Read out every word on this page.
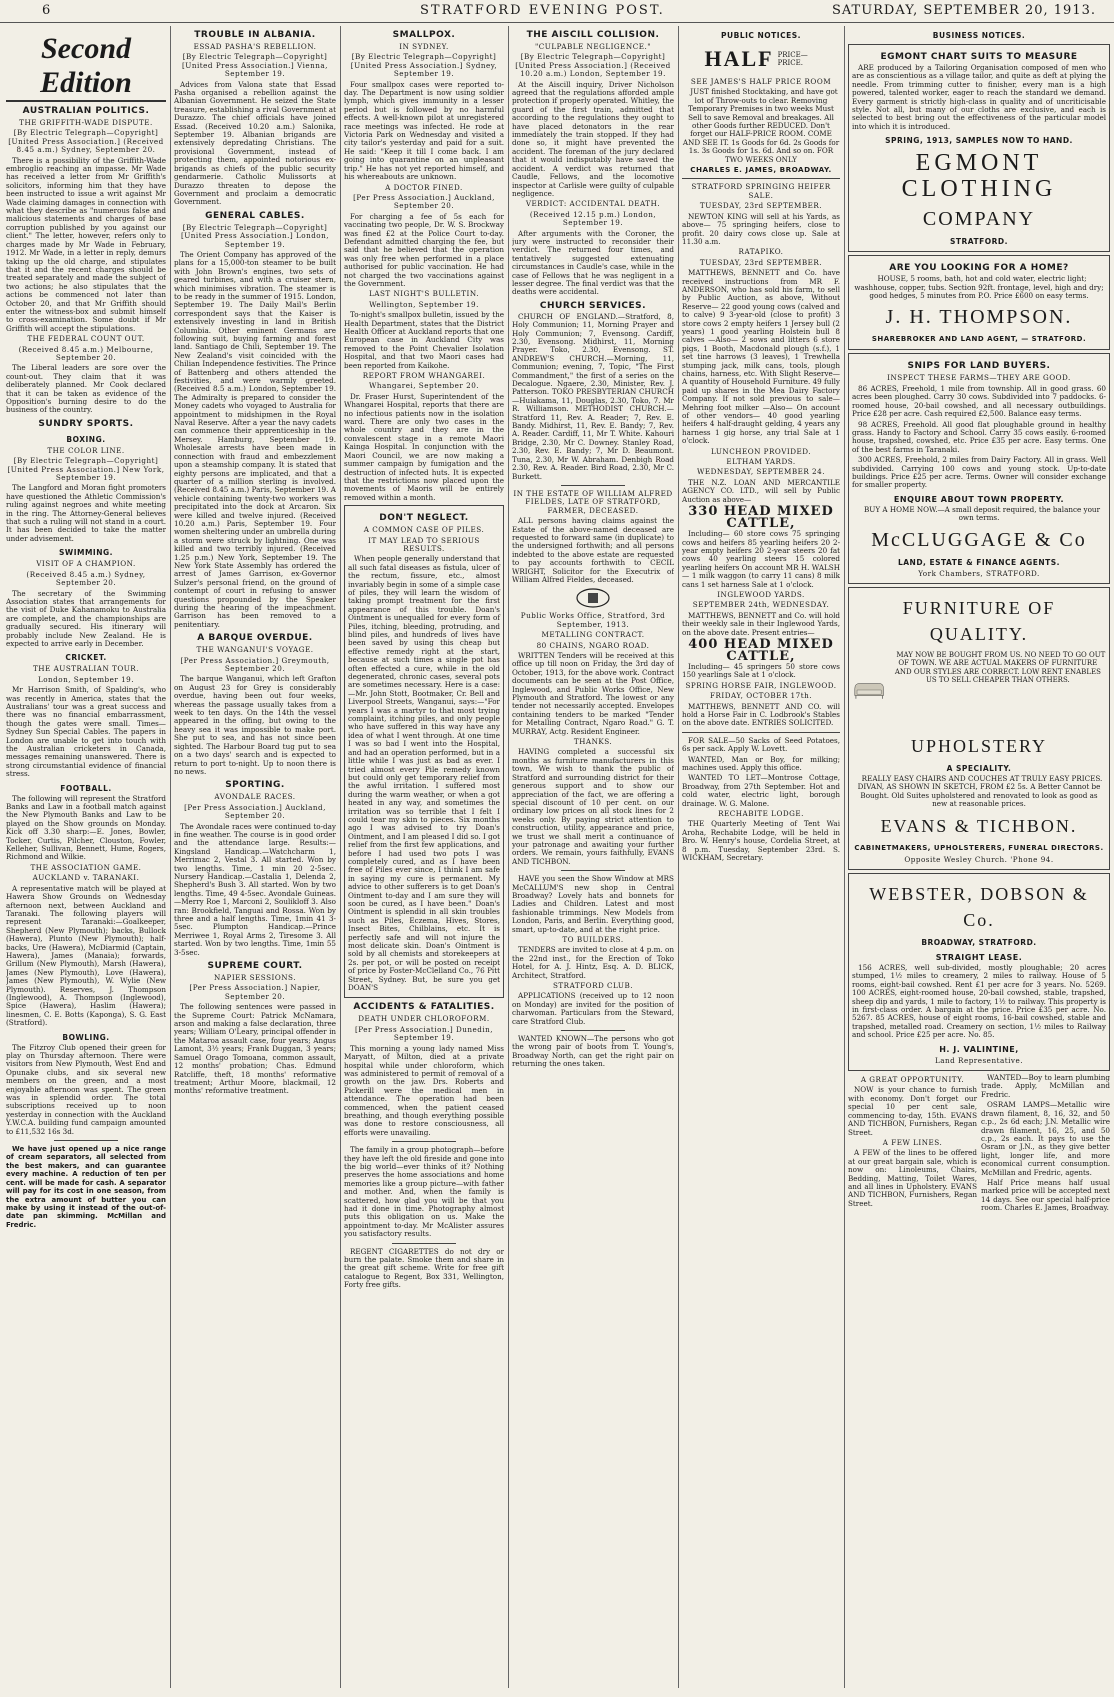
6	STRATFORD EVENING POST.	SATURDAY, SEPTEMBER 20, 1913.
Second Edition
AUSTRALIAN POLITICS.
THE GRIFFITH-WADE DISPUTE.
[By Electric Telegraph—Copyright] [United Press Association.] (Received 8.45 a.m.) Sydney, September 20.

There is a possibility of the Griffith-Wade embroglio reaching an impasse. Mr Wade has received a letter from Mr Griffith's solicitors, informing him that they have been instructed to issue a writ against Mr Wade claiming damages in connection with what they describe as "numerous false and malicious statements and charges of base corruption published by you against our client." The letter, however, refers only to charges made by Mr Wade in February, 1912. Mr Wade, in a letter in reply, demurs taking up the old charge, and stipulates that it and the recent charges should be treated separately and made the subject of two actions; he also stipulates that the actions be commenced not later than October 20, and that Mr Griffith should enter the witness-box and submit himself to cross-examination. Some doubt if Mr Griffith will accept the stipulations.

THE FEDERAL COUNT OUT.
(Received 8.45 a.m.) Melbourne, September 20.

The Liberal leaders are sore over the count-out. They claim that it was deliberately planned. Mr Cook declared that it can be taken as evidence of the Opposition's burning desire to do the business of the country.

SUNDRY SPORTS.
BOXING.
THE COLOR LINE.
[By Electric Telegraph—Copyright] [United Press Association.] New York, September 19.

The Langford and Moran fight promoters have questioned the Athletic Commission's ruling against negroes and white meeting in the ring. The Attorney-General believes that such a ruling will not stand in a court. It has been decided to take the matter under advisement.

SWIMMING.
VISIT OF A CHAMPION.
(Received 8.45 a.m.) Sydney, September 20.

The secretary of the Swimming Association states that arrangements for the visit of Duke Kahanamoku to Australia are complete, and the championships are gradually secured. His itinerary will probably include New Zealand. He is expected to arrive early in December.

CRICKET.
THE AUSTRALIAN TOUR.
London, September 19.

Mr Harrison Smith, of Spalding's, who was recently in America, states that the Australians' tour was a great success and there was no financial embarrassment, though the gates were small. Times—Sydney Sun Special Cables. The papers in London are unable to get into touch with the Australian cricketers in Canada, messages remaining unanswered. There is strong circumstantial evidence of financial stress.

FOOTBALL.

The following will represent the Stratford Banks and Law in a football match against the New Plymouth Banks and Law to be played on the Show grounds on Monday. Kick off 3.30 sharp:—E. Jones, Bowler, Tocker, Curtis, Pilcher, Clouston, Fowler, Kelleher, Sullivan, Bennett, Hume, Rogers, Richmond and Wilkie.

THE ASSOCIATION GAME.
AUCKLAND v. TARANAKI.

A representative match will be played at Hawera Show Grounds on Wednesday afternoon next, between Auckland and Taranaki. The following players will represent Taranaki:—Goalkeeper, Shepherd (New Plymouth); backs, Bullock (Hawera), Plunto (New Plymouth); half-backs, Ure (Hawera), McDiarmid (Captain, Hawera), James (Manaia); forwards, Grillum (New Plymouth), Marsh (Hawera), James (New Plymouth), Love (Hawera), James (New Plymouth), W. Wylie (New Plymouth). Reserves, J. Thompson (Inglewood), A. Thompson (Inglewood), Spice (Hawera), Haslim (Hawera); linesmen, C. E. Botts (Kaponga), S. G. East (Stratford).

BOWLING.

The Fitzroy Club opened their green for play on Thursday afternoon. There were visitors from New Plymouth, West End and Opunake clubs, and six several new members on the green, and a most enjoyable afternoon was spent. The green was in splendid order. The total subscriptions received up to noon yesterday in connection with the Auckland Y.W.C.A. building fund campaign amounted to £11,532 16s 3d.

We have just opened up a nice range of cream separators, all selected from the best makers, and can guarantee every machine. A reduction of ten per cent. will be made for cash. A separator will pay for its cost in one season, from the extra amount of butter you can make by using it instead of the out-of-date pan skimming. McMillan and Fredric.

TROUBLE IN ALBANIA.
ESSAD PASHA'S REBELLION.
[By Electric Telegraph—Copyright] [United Press Association.] Vienna, September 19.

Advices from Valona state that Essad Pasha organised a rebellion against the Albanian Government. He seized the State treasure, establishing a rival Government at Durazzo. The chief officials have joined Essad. (Received 10.20 a.m.) Salonika, September 19. Albanian brigands are extensively depredating Christians. The provisional Government, instead of protecting them, appointed notorious ex-brigands as chiefs of the public security gendarmerie. Catholic Mulissorts at Durazzo threaten to depose the Government and proclaim a democratic Government.

GENERAL CABLES.
[By Electric Telegraph—Copyright] [United Press Association.] London, September 19.

The Orient Company has approved of the plans for a 15,000-ton steamer to be built with John Brown's engines, two sets of geared turbines, and with a cruiser stern, which minimises vibration. The steamer is to be ready in the summer of 1915. London, September 19. The Daily Mail's Berlin correspondent says that the Kaiser is extensively investing in land in British Columbia. Other eminent Germans are following suit, buying farming and forest land. Santiago de Chili, September 19. The New Zealand's visit coincided with the Chilian Independence festivities. The Prince of Battenberg and others attended the festivities, and were warmly greeted. (Received 8.5 a.m.) London, September 19. The Admiralty is prepared to consider the Money cadets who voyaged to Australia for appointment to midshipmen in the Royal Naval Reserve. After a year the navy cadets can commence their apprenticeship in the Mersey. Hamburg, September 19. Wholesale arrests have been made in connection with fraud and embezzlement upon a steamship company. It is stated that eighty persons are implicated, and that a quarter of a million sterling is involved. (Received 8.45 a.m.) Paris, September 19. A vehicle containing twenty-two workers was precipitated into the dock at Arcaron. Six were killed and twelve injured. (Received 10.20 a.m.) Paris, September 19. Four women sheltering under an umbrella during a storm were struck by lightning. One was killed and two terribly injured. (Received 1.25 p.m.) New York, September 19. The New York State Assembly has ordered the arrest of James Garrison, ex-Governor Sulzer's personal friend, on the ground of contempt of court in refusing to answer questions propounded by the Speaker during the hearing of the impeachment. Garrison has been removed to a penitentiary.

A BARQUE OVERDUE.
THE WANGANUI'S VOYAGE.
[Per Press Association.] Greymouth, September 20.

The barque Wanganui, which left Grafton on August 23 for Grey is considerably overdue, having been out four weeks, whereas the passage usually takes from a week to ten days. On the 14th the vessel appeared in the offing, but owing to the heavy sea it was impossible to make port. She put to sea, and has not since been sighted. The Harbour Board tug put to sea on a two days' search and is expected to return to port to-night. Up to noon there is no news.

SPORTING.
AVONDALE RACES.
[Per Press Association.] Auckland, September 20.

The Avondale races were continued to-day in fine weather. The course is in good order and the attendance large. Results:— Kingsland Handicap.—Watchcharm 1, Merrimac 2, Vestal 3. All started. Won by two lengths. Time, 1 min 20 2-5sec. Nursery Handicap.—Castalia 1, Delenda 2, Shepherd's Bush 3. All started. Won by two lengths. Time, 49 4-5sec. Avondale Guineas.—Merry Roe 1, Marconi 2, Soulikloff 3. Also ran: Brookfield, Tanguai and Rossa. Won by three and a half lengths. Time, 1min 41 3-5sec. Plumpton Handicap.—Prince Merriwee 1, Royal Arms 2, Tiresome 3. All started. Won by two lengths. Time, 1min 55 3-5sec.

SUPREME COURT.
NAPIER SESSIONS.
[Per Press Association.] Napier, September 20.

The following sentences were passed in the Supreme Court: Patrick McNamara, arson and making a false declaration, three years; William O'Leary, principal offender in the Mataroa assault case, four years; Angus Lamont, 3½ years; Frank Duggan, 3 years; Samuel Orago Tomoana, common assault, 12 months' probation; Chas. Edmund Ratcliffe, theft, 18 months' reformative treatment; Arthur Moore, blackmail, 12 months' reformative treatment.

SMALLPOX.
IN SYDNEY.
[By Electric Telegraph—Copyright] [United Press Association.] Sydney, September 19.

Four smallpox cases were reported to-day. The Department is now using soldier lymph, which gives immunity in a lesser period but is followed by no harmful effects. A well-known pilot at unregistered race meetings was infected. He rode at Victoria Park on Wednesday and visited a city tailor's yesterday and paid for a suit. He said: "Keep it till I come back. I am going into quarantine on an unpleasant trip." He has not yet reported himself, and his whereabouts are unknown.

A DOCTOR FINED.
[Per Press Association.] Auckland, September 20.

For charging a fee of 5s each for vaccinating two people, Dr. W. S. Brockway was fined £2 at the Police Court to-day. Defendant admitted charging the fee, but said that he believed that the operation was only free when performed in a place authorised for public vaccination. He had not charged the two vaccinations against the Government.

LAST NIGHT'S BULLETIN.
Wellington, September 19.

To-night's smallpox bulletin, issued by the Health Department, states that the District Health Officer at Auckland reports that one European case in Auckland City was removed to the Point Chevalier Isolation Hospital, and that two Maori cases had been reported from Kaikohe.

REPORT FROM WHANGAREI.
Whangarei, September 20.

Dr. Fraser Hurst, Superintendent of the Whangarei Hospital, reports that there are no infectious patients now in the isolation ward. There are only two cases in the whole country and they are in the convalescent stage in a remote Maori Kainga Hospital. In conjunction with the Maori Council, we are now making a summer campaign by fumigation and the destruction of infected huts. It is expected that the restrictions now placed upon the movements of Maoris will be entirely removed within a month.

DON'T NEGLECT.
A COMMON CASE OF PILES.
IT MAY LEAD TO SERIOUS RESULTS.

When people generally understand that all such fatal diseases as fistula, ulcer of the rectum, fissure, etc., almost invariably begin in some of a simple case of piles, they will learn the wisdom of taking prompt treatment for the first appearance of this trouble. Doan's Ointment is unequalled for every form of Piles, itching, bleeding, protruding, and blind piles, and hundreds of lives have been saved by using this cheap but effective remedy right at the start, because at such times a single pot has often effected a cure, while in the old degenerated, chronic cases, several pots are sometimes necessary. Here is a case:—Mr. John Stott, Bootmaker, Cr. Bell and Liverpool Streets, Wanganui, says:—"For years I was a martyr to that most trying complaint, itching piles, and only people who have suffered in this way have any idea of what I went through. At one time I was so bad I went into the Hospital, and had an operation performed, but in a little while I was just as bad as ever. I tried almost every Pile remedy known but could only get temporary relief from the awful irritation. I suffered most during the warm weather, or when a got heated in any way, and sometimes the irritation was so terrible that I felt I could tear my skin to pieces. Six months ago I was advised to try Doan's Ointment, and I am pleased I did so. I got relief from the first few applications, and before I had used two pots I was completely cured, and as I have been free of Piles ever since, I think I am safe in saying my cure is permanent. My advice to other sufferers is to get Doan's Ointment to-day and I am sure they will soon be cured, as I have been." Doan's Ointment is splendid in all skin troubles such as Piles, Eczema, Hives, Stores, Insect Bites, Chilblains, etc. It is perfectly safe and will not injure the most delicate skin. Doan's Ointment is sold by all chemists and storekeepers at 2s. per pot, or will be posted on receipt of price by Foster-McClelland Co., 76 Pitt Street, Sydney. But, be sure you get DOAN'S

ACCIDENTS & FATALITIES.
DEATH UNDER CHLOROFORM.
[Per Press Association.] Dunedin, September 19.

This morning a young lady named Miss Maryatt, of Milton, died at a private hospital while under chloroform, which was administered to permit of removal of a growth on the jaw. Drs. Roberts and Pickerill were the medical men in attendance. The operation had been commenced, when the patient ceased breathing, and though everything possible was done to restore consciousness, all efforts were unavailing.

The family in a group photograph—before they have left the old fireside and gone into the big world—ever thinks of it? Nothing preserves the home associations and home memories like a group picture—with father and mother. And, when the family is scattered, how glad you will be that you had it done in time. Photography almost puts this obligation on us. Make the appointment to-day. Mr McAlister assures you satisfactory results.

REGENT CIGARETTES do not dry or burn the palate. Smoke them and share in the great gift scheme. Write for free gift catalogue to Regent, Box 331, Wellington, Forty free gifts.

THE AISCILL COLLISION.
"CULPABLE NEGLIGENCE."
[By Electric Telegraph—Copyright] [United Press Association.] (Received 10.20 a.m.) London, September 19.

At the Aiscill inquiry, Driver Nicholson agreed that the regulations afforded ample protection if properly operated. Whitley, the guard of the first train, admitted that according to the regulations they ought to have placed detonators in the rear immediately the train stopped. If they had done so, it might have prevented the accident. The foreman of the jury declared that it would indisputably have saved the accident. A verdict was returned that Caudle, Fellows, and the locomotive inspector at Carlisle were guilty of culpable negligence.

VERDICT: ACCIDENTAL DEATH.
(Received 12.15 p.m.) London, September 19.

After arguments with the Coroner, the jury were instructed to reconsider their verdict. The returned four times, and tentatively suggested extenuating circumstances in Caudle's case, while in the case of Fellows that he was negligent in a lesser degree. The final verdict was that the deaths were accidental.

CHURCH SERVICES.

CHURCH OF ENGLAND.—Stratford, 8, Holy Communion; 11, Morning Prayer and Holy Communion; 7, Evensong. Cardiff, 2.30, Evensong. Midhirst, 11, Morning Prayer. Toko, 2.30, Evensong. ST. ANDREW'S CHURCH.—Morning, 11, Communion; evening, 7, Topic, "The First Commandment," the first of a series on the Decalogue. Ngaere, 2.30, Minister, Rev. J. Patterson. TOKO PRESBYTERIAN CHURCH —Huiakama, 11, Douglas, 2.30, Toko, 7. Mr R. Williamson. METHODIST CHURCH.—Stratford 11, Rev. A. Reader; 7, Rev. E. Bandy. Midhirst, 11, Rev. E. Bandy; 7, Rev. A. Reader. Cardiff, 11, Mr T. White. Kahouri Bridge, 2.30, Mr C. Downey. Stanley Road, 2.30, Rev. E. Bandy; 7, Mr D. Beaumont. Tuna, 2.30, Mr W. Abraham. Denbigh Road 2.30, Rev. A. Reader. Bird Road, 2.30, Mr C. Burkett.

IN THE ESTATE OF WILLIAM ALFRED FIELDES, LATE OF STRATFORD, FARMER, DECEASED.

ALL persons having claims against the Estate of the above-named deceased are requested to forward same (in duplicate) to the undersigned forthwith; and all persons indebted to the above estate are requested to pay accounts forthwith to CECIL WRIGHT, Solicitor for the Executrix of William Alfred Fieldes, deceased.

Public Works Office, Stratford, 3rd September, 1913.
METALLING CONTRACT.
80 CHAINS, NGARO ROAD.

WRITTEN Tenders will be received at this office up till noon on Friday, the 3rd day of October, 1913, for the above work. Contract documents can be seen at the Post Office, Inglewood, and Public Works Office, New Plymouth and Stratford. The lowest or any tender not necessarily accepted. Envelopes containing tenders to be marked "Tender for Metalling Contract, Ngaro Road." G. T. MURRAY, Actg. Resident Engineer.

THANKS.

HAVING completed a successful six months as furniture manufacturers in this town, We wish to thank the public of Stratford and surrounding district for their generous support and to show our appreciation of the fact, we are offering a special discount of 10 per cent. on our ordinary low prices on all stock lines for 2 weeks only. By paying strict attention to construction, utility, appearance and price, we trust we shall merit a continuance of your patronage and awaiting your further orders. We remain, yours faithfully, EVANS AND TICHBON.

HAVE you seen the Show Window at MRS McCALLUM'S new shop in Central Broadway? Lovely hats and bonnets for Ladies and Children. Latest and most fashionable trimmings. New Models from London, Paris, and Berlin. Everything good, smart, up-to-date, and at the right price.

TO BUILDERS.

TENDERS are invited to close at 4 p.m. on the 22nd inst., for the Erection of Toko Hotel, for A. J. Hintz, Esq. A. D. BLICK, Architect, Stratford.

STRATFORD CLUB.

APPLICATIONS (received up to 12 noon on Monday) are invited for the position of charwoman. Particulars from the Steward, care Stratford Club.

WANTED KNOWN—The persons who got the wrong pair of boots from T. Young's, Broadway North, can get the right pair on returning the ones taken.

PUBLIC NOTICES.
HALF PRICE—PRICE.
SEE JAMES'S HALF PRICE ROOM

JUST finished Stocktaking, and have got lot of Throw-outs to clear. Removing Temporary Premises in two weeks Must Sell to save Removal and breakages. All other Goods further REDUCED. Don't forget our HALF-PRICE ROOM. COME AND SEE IT. 1s Goods for 6d. 2s Goods for 1s. 3s Goods for 1s. 6d. And so on. FOR TWO WEEKS ONLY

CHARLES E. JAMES, BROADWAY.
STRATFORD SPRINGING HEIFER SALE.
TUESDAY, 23rd SEPTEMBER.

NEWTON KING will sell at his Yards, as above— 75 springing heifers, close to profit. 20 dairy cows close up. Sale at 11.30 a.m.

RATAPIKO.
TUESDAY, 23rd SEPTEMBER.

MATTHEWS, BENNETT and Co. have received instructions from MR F. ANDERSON, who has sold his farm, to sell by Public Auction, as above, Without Reserve— 22 good young cows (calved and to calve) 9 3-year-old (close to profit) 3 store cows 2 empty heifers 1 Jersey bull (2 years) 1 good yearling Holstein bull 8 calves —Also— 2 sows and litters 6 store pigs, 1 Booth, Macdonald plough (s.f.), 1 set tine harrows (3 leaves), 1 Trewhella stumping jack, milk cans, tools, plough chains, harness, etc. With Slight Reserve— A quantity of Household Furniture. 49 fully paid up shares in the Mea Dairy Factory Company. If not sold previous to sale— Mehring foot milker —Also— On account of other vendors— 40 good yearling heifers 4 half-draught gelding, 4 years any harness 1 gig horse, any trial Sale at 1 o'clock.

LUNCHEON PROVIDED.
ELTHAM YARDS.
WEDNESDAY, SEPTEMBER 24.

THE N.Z. LOAN AND MERCANTILE AGENCY CO. LTD., will sell by Public Auction as above—

330 HEAD MIXED CATTLE,

Including— 60 store cows 75 springing cows and heifers 85 yearling heifers 20 2-year empty heifers 20 2-year steers 20 fat cows 40 yearling steers 15 colored yearling heifers On account MR H. WALSH— 1 milk waggon (to carry 11 cans) 8 milk cans 1 set harness Sale at 1 o'clock.

INGLEWOOD YARDS.
SEPTEMBER 24th, WEDNESDAY.

MATTHEWS, BENNETT and Co. will hold their weekly sale in their Inglewood Yards, on the above date. Present entries—

400 HEAD MIXED CATTLE,

Including— 45 springers 50 store cows 150 yearlings Sale at 1 o'clock.

SPRING HORSE FAIR, INGLEWOOD.
FRIDAY, OCTOBER 17th.

MATTHEWS, BENNETT AND CO. will hold a Horse Fair in C. Lodbrook's Stables on the above date. ENTRIES SOLICITED.

FOR SALE—50 Sacks of Seed Potatoes, 6s per sack. Apply W. Lovett.

WANTED, Man or Boy, for milking; machines used. Apply this office.

WANTED TO LET—Montrose Cottage, Broadway, from 27th September. Hot and cold water, electric light, borough drainage. W. G. Malone.

RECHABITE LODGE.

THE Quarterly Meeting of Tent Wai Aroha, Rechabite Lodge, will be held in Bro. W. Henry's house, Cordelia Street, at 8 p.m. Tuesday, September 23rd. S. WICKHAM, Secretary.

BUSINESS NOTICES.
EGMONT CHART SUITS TO MEASURE

ARE produced by a Tailoring Organisation composed of men who are as conscientious as a village tailor, and quite as deft at plying the needle. From trimming cutter to finisher, every man is a high powered, talented worker, eager to reach the standard we demand. Every garment is strictly high-class in quality and of uncriticisable style. Not all, but many of our cloths are exclusive, and each is selected to best bring out the effectiveness of the particular model into which it is introduced.

SPRING, 1913, SAMPLES NOW TO HAND.
EGMONT CLOTHING
COMPANY
STRATFORD.
ARE YOU LOOKING FOR A HOME?

HOUSE, 5 rooms, bath, hot and cold water, electric light; washhouse, copper, tubs. Section 92ft. frontage, level, high and dry; good hedges, 5 minutes from P.O. Price £600 on easy terms.

J. H. THOMPSON.
SHAREBROKER AND LAND AGENT, — STRATFORD.
SNIPS FOR LAND BUYERS.
INSPECT THESE FARMS—THEY ARE GOOD.

86 ACRES, Freehold, 1 mile from township. All in good grass. 60 acres been ploughed. Carry 30 cows. Subdivided into 7 paddocks. 6-roomed house, 20-bail cowshed, and all necessary outbuildings. Price £28 per acre. Cash required £2,500. Balance easy terms.

98 ACRES, Freehold. All good flat ploughable ground in healthy grass. Handy to Factory and School. Carry 35 cows easily. 6-roomed house, trapshed, cowshed, etc. Price £35 per acre. Easy terms. One of the best farms in Taranaki.

300 ACRES, Freehold, 2 miles from Dairy Factory. All in grass. Well subdivided. Carrying 100 cows and young stock. Up-to-date buildings. Price £25 per acre. Terms. Owner will consider exchange for smaller property.

ENQUIRE ABOUT TOWN PROPERTY.

BUY A HOME NOW.—A small deposit required, the balance your own terms.

McCLUGGAGE & Co
LAND, ESTATE & FINANCE AGENTS.
York Chambers, STRATFORD.
FURNITURE OF QUALITY.

MAY NOW BE BOUGHT FROM US. NO NEED TO GO OUT OF TOWN. WE ARE ACTUAL MAKERS OF FURNITURE AND OUR STYLES ARE CORRECT. LOW RENT ENABLES US TO SELL CHEAPER THAN OTHERS.

UPHOLSTERY
A SPECIALITY.

REALLY EASY CHAIRS AND COUCHES AT TRULY EASY PRICES. DIVAN, AS SHOWN IN SKETCH, FROM £2 5s. A Better Cannot be Bought. Old Suites upholstered and renovated to look as good as new at reasonable prices.

EVANS & TICHBON.
CABINETMAKERS, UPHOLSTERERS, FUNERAL DIRECTORS.
Opposite Wesley Church. 'Phone 94.
WEBSTER, DOBSON & Co.
BROADWAY, STRATFORD.
STRAIGHT LEASE.

156 ACRES, well sub-divided, mostly ploughable; 20 acres stumped, 1½ miles to creamery, 2 miles to railway. House of 5 rooms, eight-bail cowshed. Rent £1 per acre for 3 years. No. 5269. 100 ACRES, eight-roomed house, 20-bail cowshed, stable, trapshed, sheep dip and yards, 1 mile to factory, 1½ to railway. This property is in first-class order. A bargain at the price. Price £35 per acre. No. 5267. 85 ACRES, house of eight rooms, 16-bail cowshed, stable and trapshed, metalled road. Creamery on section, 1½ miles to Railway and school. Price £25 per acre. No. 85.

H. J. VALINTINE,
Land Representative.
A GREAT OPPORTUNITY.

NOW is your chance to furnish with economy. Don't forget our special 10 per cent sale, commencing to-day, 15th. EVANS AND TICHBON, Furnishers, Regan Street.

A FEW LINES.

A FEW of the lines to be offered at our great bargain sale, which is now on: Linoleums, Chairs, Bedding, Matting, Toilet Wares, and all lines in Upholstery. EVANS AND TICHBON, Furnishers, Regan Street.

WANTED—Boy to learn plumbing trade. Apply, McMillan and Fredric.

OSRAM LAMPS—Metallic wire drawn filament, 8, 16, 32, and 50 c.p., 2s 6d each; J.N. Metallic wire drawn filament, 16, 25, and 50 c.p., 2s each. It pays to use the Osram or J.N., as they give better light, longer life, and more economical current consumption. McMillan and Fredric, agents.

Half Price means half usual marked price will be accepted next 14 days. See our special half-price room. Charles E. James, Broadway.
